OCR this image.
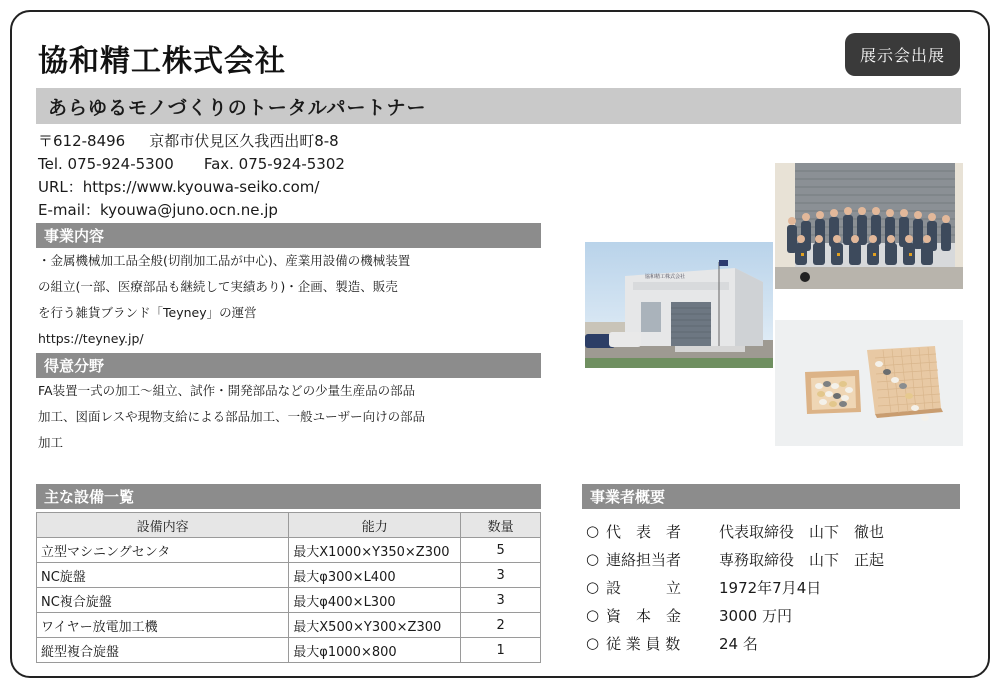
協和精工株式会社	展示会出展
あらゆるモノづくりのトータルパートナー
〒612-8496 京都市伏見区久我西出町8-8
Tel. 075-924-5300 Fax. 075-924-5302
URL：https://www.kyouwa-seiko.com/
E-mail：kyouwa@juno.ocn.ne.jp
事業内容
・金属機械加工品全般(切削加工品が中心)、産業用設備の機械装置
の組立(一部、医療部品も継続して実績あり)・企画、製造、販売
を行う雑貨ブランド「Teyney」の運営
https://teyney.jp/
得意分野
FA装置一式の加工～組立、試作・開発部品などの少量生産品の部品
加工、図面レスや現物支給による部品加工、一般ユーザー向けの部品
加工
協和精工株式会社
主な設備一覧
設備内容	能力	数量
立型マシニングセンタ	最大X1000×Y350×Z300	5
NC旋盤	最大φ300×L400	3
NC複合旋盤	最大φ400×L300	3
ワイヤー放電加工機	最大X500×Y300×Z300	2
縦型複合旋盤	最大φ1000×800	1
事業者概要
○ 代　表　者	代表取締役　山下　徹也
○ 連絡担当者	専務取締役　山下　正起
○ 設　　　立	1972年7月4日
○ 資　本　金	3000 万円
○ 従 業 員 数	24 名
